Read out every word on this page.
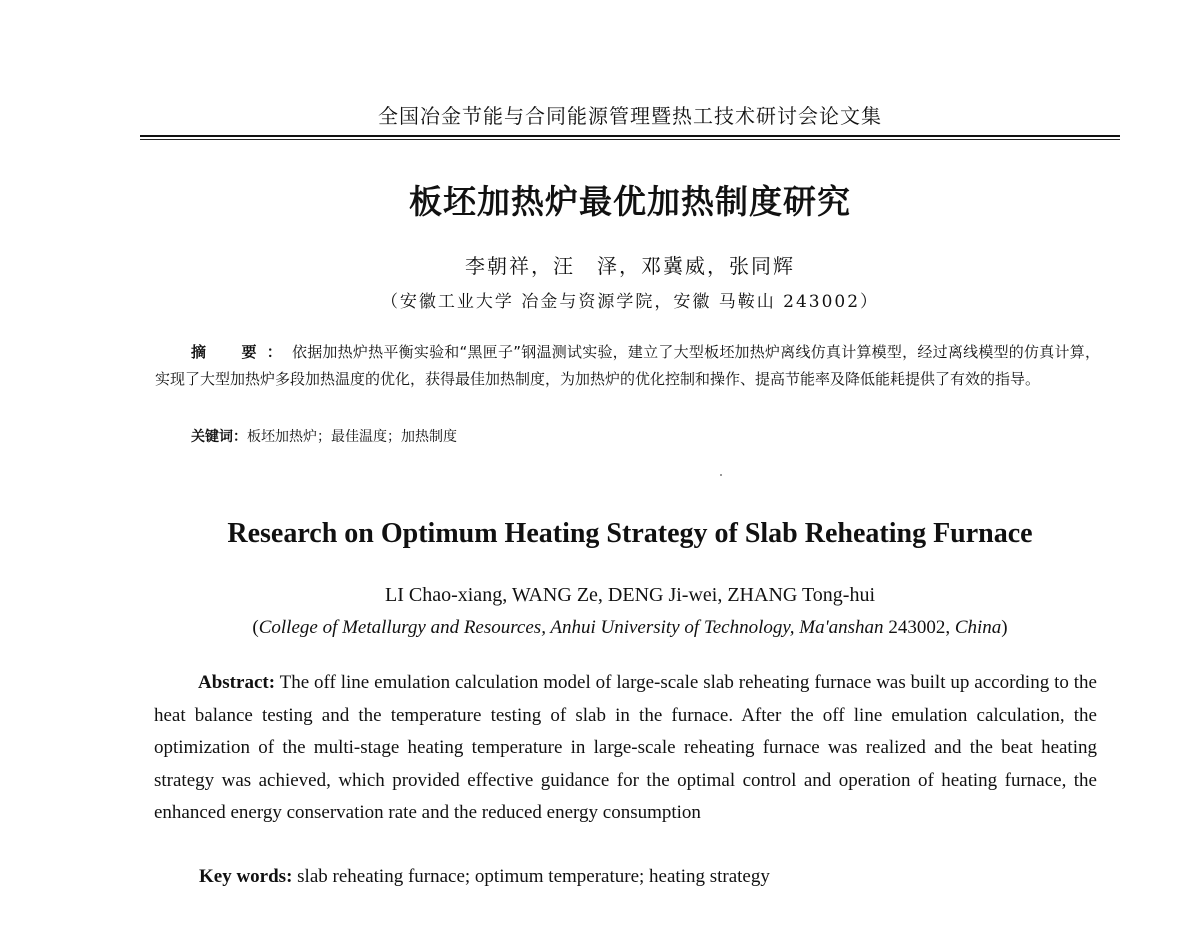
全国冶金节能与合同能源管理暨热工技术研讨会论文集
板坯加热炉最优加热制度研究
李朝祥，汪　泽，邓冀威，张同辉
（安徽工业大学 冶金与资源学院，安徽 马鞍山 243002）
摘　要：依据加热炉热平衡实验和“黑匣子”钢温测试实验，建立了大型板坯加热炉离线仿真计算模型，经过离线模型的仿真计算，实现了大型加热炉多段加热温度的优化，获得最佳加热制度，为加热炉的优化控制和操作、提高节能率及降低能耗提供了有效的指导。
关键词：板坯加热炉；最佳温度；加热制度
Research on Optimum Heating Strategy of Slab Reheating Furnace
LI Chao-xiang, WANG Ze, DENG Ji-wei, ZHANG Tong-hui
(College of Metallurgy and Resources, Anhui University of Technology, Ma'anshan 243002, China)
Abstract: The off line emulation calculation model of large-scale slab reheating furnace was built up according to the heat balance testing and the temperature testing of slab in the furnace. After the off line emulation calculation, the optimization of the multi-stage heating temperature in large-scale reheating furnace was realized and the beat heating strategy was achieved, which provided effective guidance for the optimal control and operation of heating furnace, the enhanced energy conservation rate and the reduced energy consumption
Key words: slab reheating furnace; optimum temperature; heating strategy
